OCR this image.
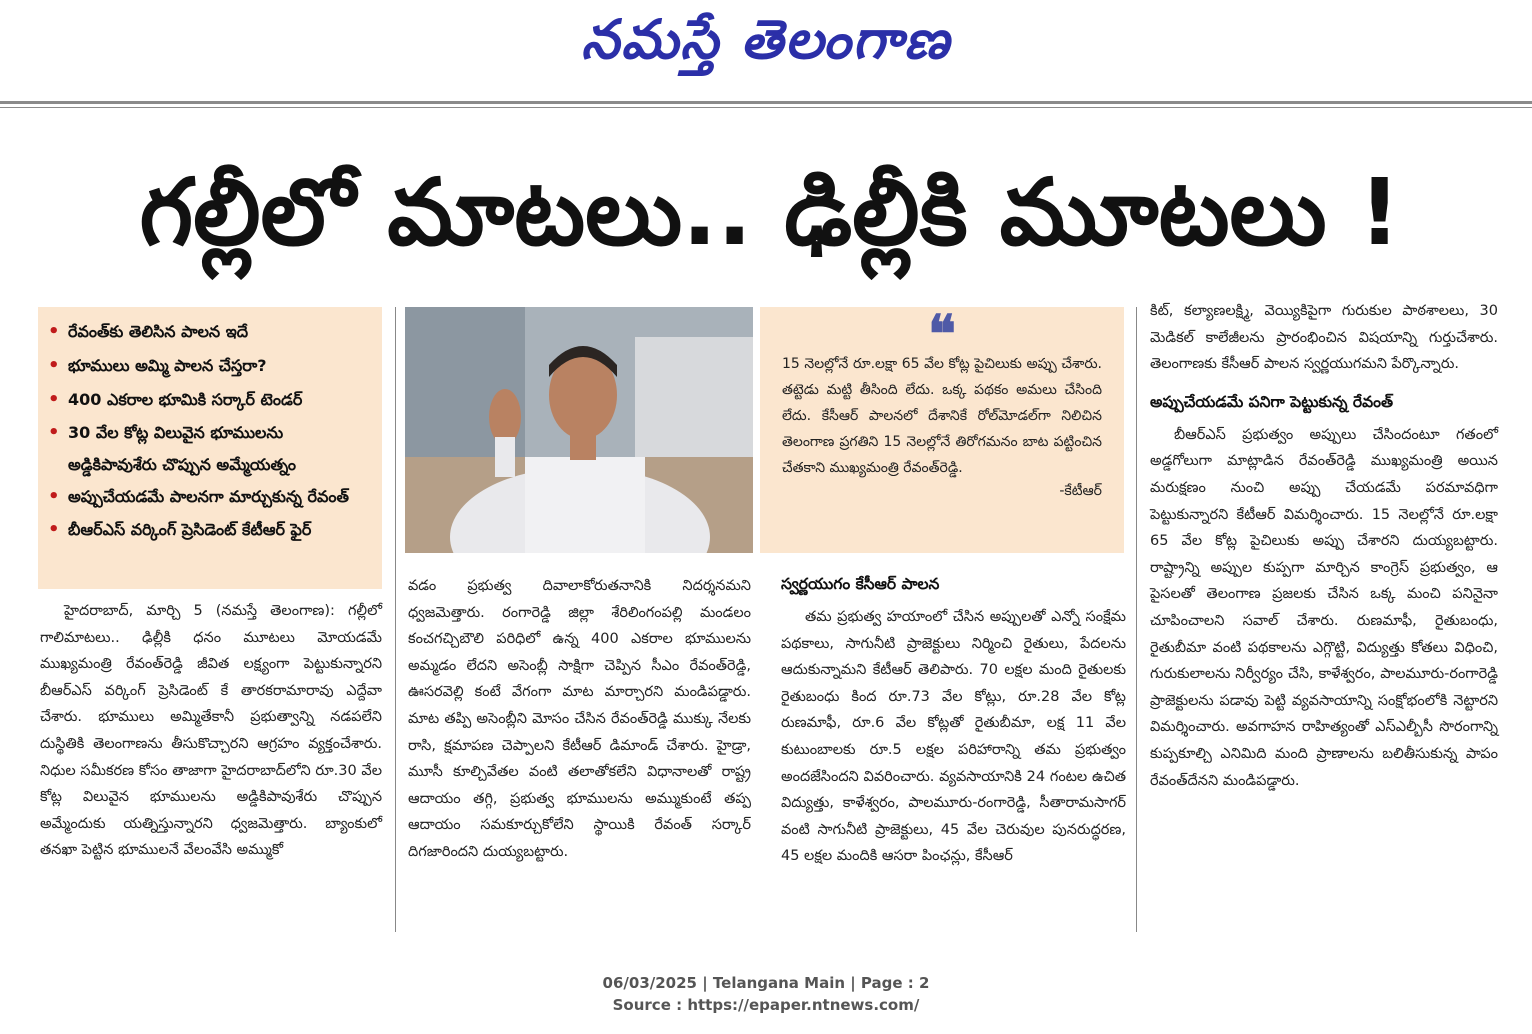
నమస్తే తెలంగాణ
గల్లీలో మాటలు.. ఢిల్లీకి మూటలు !
• రేవంత్‌కు తెలిసిన పాలన ఇదే
• భూములు అమ్మి పాలన చేస్తరా?
• 400 ఎకరాల భూమికి సర్కార్ టెండర్
• 30 వేల కోట్ల విలువైన భూములను అడ్డికిపావుశేరు చొప్పున అమ్మేయత్నం
• అప్పుచేయడమే పాలనగా మార్చుకున్న రేవంత్
• బీఆర్ఎస్ వర్కింగ్ ప్రెసిడెంట్ కేటీఆర్ ఫైర్
❝
15 నెలల్లోనే రూ.లక్షా 65 వేల కోట్ల పైచిలుకు అప్పు చేశారు. తట్టెడు మట్టి తీసింది లేదు. ఒక్క పథకం అమలు చేసింది లేదు. కేసీఆర్ పాలనలో దేశానికే రోల్‌మోడల్‌గా నిలిచిన తెలంగాణ ప్రగతిని 15 నెలల్లోనే తిరోగమనం బాట పట్టించిన చేతకాని ముఖ్యమంత్రి రేవంత్‌రెడ్డి.
-కేటీఆర్

హైదరాబాద్, మార్చి 5 (నమస్తే తెలంగాణ): గల్లీలో గాలిమాటలు.. ఢిల్లీకి ధనం మూటలు మోయడమే ముఖ్యమంత్రి రేవంత్‌రెడ్డి జీవిత లక్ష్యంగా పెట్టుకున్నారని బీఆర్ఎస్ వర్కింగ్ ప్రెసిడెంట్ కే తారకరామారావు ఎద్దేవా చేశారు. భూములు అమ్మితేకానీ ప్రభుత్వాన్ని నడపలేని దుస్థితికి తెలంగాణను తీసుకొచ్చారని ఆగ్రహం వ్యక్తంచేశారు. నిధుల సమీకరణ కోసం తాజాగా హైదరాబాద్‌లోని రూ.30 వేల కోట్ల విలువైన భూములను అడ్డికిపావుశేరు చొప్పున అమ్మేందుకు యత్నిస్తున్నారని ధ్వజమెత్తారు. బ్యాంకులో తనఖా పెట్టిన భూములనే వేలంవేసి అమ్ముకో

వడం ప్రభుత్వ దివాలాకోరుతనానికి నిదర్శనమని ధ్వజమెత్తారు. రంగారెడ్డి జిల్లా శేరిలింగంపల్లి మండలం కంచగచ్చిబౌలి పరిధిలో ఉన్న 400 ఎకరాల భూములను అమ్మడం లేదని అసెంబ్లీ సాక్షిగా చెప్పిన సీఎం రేవంత్‌రెడ్డి, ఊసరవెల్లి కంటే వేగంగా మాట మార్చారని మండిపడ్డారు. మాట తప్పి అసెంబ్లీని మోసం చేసిన రేవంత్‌రెడ్డి ముక్కు నేలకు రాసి, క్షమాపణ చెప్పాలని కేటీఆర్ డిమాండ్ చేశారు. హైడ్రా, మూసీ కూల్చివేతల వంటి తలాతోకలేని విధానాలతో రాష్ట్ర ఆదాయం తగ్గి, ప్రభుత్వ భూములను అమ్ముకుంటే తప్ప ఆదాయం సమకూర్చుకోలేని స్థాయికి రేవంత్ సర్కార్ దిగజారిందని దుయ్యబట్టారు.

స్వర్ణయుగం కేసీఆర్ పాలన

తమ ప్రభుత్వ హయాంలో చేసిన అప్పులతో ఎన్నో సంక్షేమ పథకాలు, సాగునీటి ప్రాజెక్టులు నిర్మించి రైతులు, పేదలను ఆదుకున్నామని కేటీఆర్ తెలిపారు. 70 లక్షల మంది రైతులకు రైతుబంధు కింద రూ.73 వేల కోట్లు, రూ.28 వేల కోట్ల రుణమాఫీ, రూ.6 వేల కోట్లతో రైతుబీమా, లక్ష 11 వేల కుటుంబాలకు రూ.5 లక్షల పరిహారాన్ని తమ ప్రభుత్వం అందజేసిందని వివరించారు. వ్యవసాయానికి 24 గంటల ఉచిత విద్యుత్తు, కాళేశ్వరం, పాలమూరు-రంగారెడ్డి, సీతారామసాగర్ వంటి సాగునీటి ప్రాజెక్టులు, 45 వేల చెరువుల పునరుద్ధరణ, 45 లక్షల మందికి ఆసరా పింఛన్లు, కేసీఆర్

కిట్, కల్యాణలక్ష్మి, వెయ్యికిపైగా గురుకుల పాఠశాలలు, 30 మెడికల్ కాలేజీలను ప్రారంభించిన విషయాన్ని గుర్తుచేశారు. తెలంగాణకు కేసీఆర్ పాలన స్వర్ణయుగమని పేర్కొన్నారు.

అప్పుచేయడమే పనిగా పెట్టుకున్న రేవంత్

బీఆర్ఎస్ ప్రభుత్వం అప్పులు చేసిందంటూ గతంలో అడ్డగోలుగా మాట్లాడిన రేవంత్‌రెడ్డి ముఖ్యమంత్రి అయిన మరుక్షణం నుంచి అప్పు చేయడమే పరమావధిగా పెట్టుకున్నారని కేటీఆర్ విమర్శించారు. 15 నెలల్లోనే రూ.లక్షా 65 వేల కోట్ల పైచిలుకు అప్పు చేశారని దుయ్యబట్టారు. రాష్ట్రాన్ని అప్పుల కుప్పగా మార్చిన కాంగ్రెస్ ప్రభుత్వం, ఆ పైసలతో తెలంగాణ ప్రజలకు చేసిన ఒక్క మంచి పనినైనా చూపించాలని సవాల్ చేశారు. రుణమాఫీ, రైతుబంధు, రైతుబీమా వంటి పథకాలను ఎగ్గొట్టి, విద్యుత్తు కోతలు విధించి, గురుకులాలను నిర్వీర్యం చేసి, కాళేశ్వరం, పాలమూరు-రంగారెడ్డి ప్రాజెక్టులను పడావు పెట్టి వ్యవసాయాన్ని సంక్షోభంలోకి నెట్టారని విమర్శించారు. అవగాహన రాహిత్యంతో ఎస్ఎల్బీసీ సొరంగాన్ని కుప్పకూల్చి ఎనిమిది మంది ప్రాణాలను బలితీసుకున్న పాపం రేవంత్‌దేనని మండిపడ్డారు.

06/03/2025 | Telangana Main | Page : 2
Source : https://epaper.ntnews.com/
